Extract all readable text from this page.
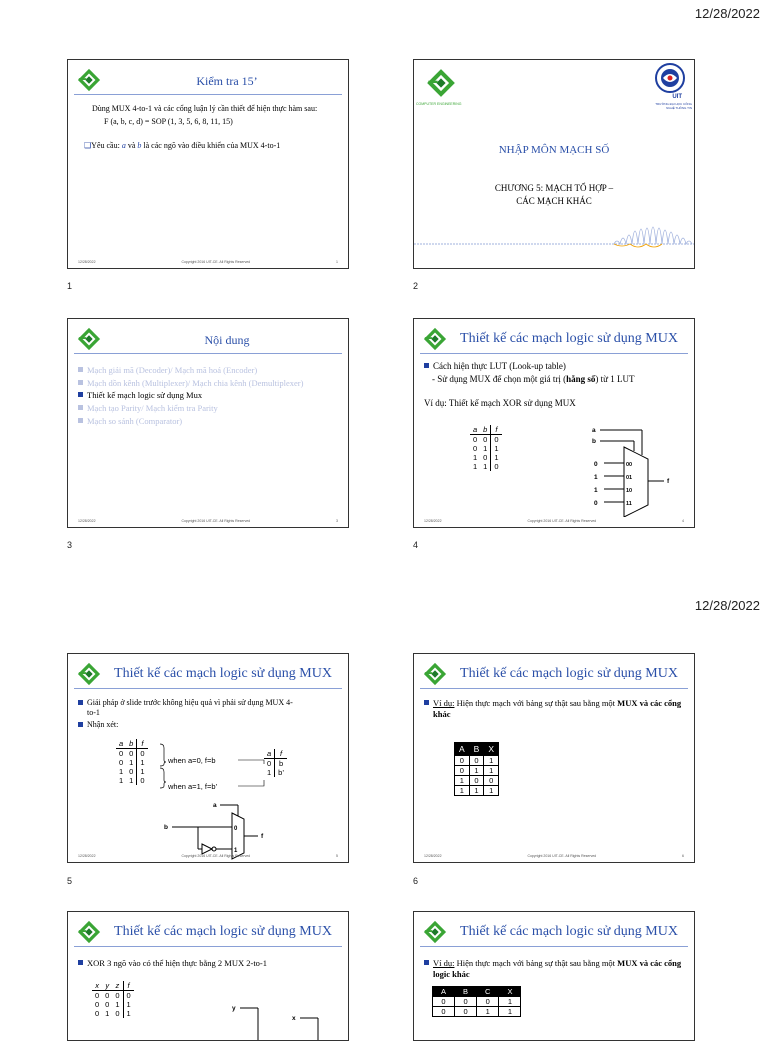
12/28/2022
12/28/2022
Kiểm tra 15’
Dùng MUX 4-to-1 và các cổng luận lý cần thiết để hiện thực hàm sau:
F (a, b, c, d) = SOP (1, 3, 5, 6, 8, 11, 15)
❑Yêu cầu: a và b là các ngõ vào điều khiển của MUX 4-to-1
12/28/2022	Copyright 2016 UIT-CE. All Rights Reserved	1
1
COMPUTER ENGINEERING
UIT
TRƯỜNG ĐẠI HỌC CÔNG NGHỆ THÔNG TIN
NHẬP MÔN MẠCH SỐ
CHƯƠNG 5: MẠCH TỔ HỢP –
CÁC MẠCH KHÁC
2
Nội dung
Mạch giải mã (Decoder)/ Mạch mã hoá (Encoder)
Mạch dồn kênh (Multiplexer)/ Mạch chia kênh (Demultiplexer)
Thiết kế mạch logic sử dụng Mux
Mạch tạo Parity/ Mạch kiểm tra Parity
Mạch so sánh (Comparator)
12/28/2022	Copyright 2016 UIT-CE. All Rights Reserved	3
3
Thiết kế các mạch logic sử dụng MUX
Cách hiện thực LUT (Look-up table)
- Sử dụng MUX để chọn một giá trị (hằng số) từ 1 LUT
Ví dụ: Thiết kế mạch XOR sử dụng MUX
a	b	f
0	0	0
0	1	1
1	0	1
1	1	0
a
b
0
1
1
0
00
01
10
11
f
12/28/2022	Copyright 2016 UIT-CE. All Rights Reserved	4
4
Thiết kế các mạch logic sử dụng MUX
Giải pháp ở slide trước không hiệu quả vì phải sử dụng MUX 4-to-1
Nhận xét:
a	b	f
0	0	0
0	1	1
1	0	1
1	1	0
when a=0, f=b
when a=1, f=b’
a	f
0	b
1	b’
a
b	0
1
f
12/28/2022	Copyright 2016 UIT-CE. All Rights Reserved	5
5
Thiết kế các mạch logic sử dụng MUX
Ví dụ: Hiện thực mạch với bảng sự thật sau bằng một MUX và các cổng khác
A	B	X
0	0	1
0	1	1
1	0	0
1	1	1
12/28/2022	Copyright 2016 UIT-CE. All Rights Reserved	6
6
Thiết kế các mạch logic sử dụng MUX
XOR 3 ngõ vào có thể hiện thực bằng 2 MUX 2-to-1
x	y	z	f
0	0	0	0
0	0	1	1
0	1	0	1
y
x
Thiết kế các mạch logic sử dụng MUX
Ví dụ: Hiện thực mạch với bảng sự thật sau bằng một MUX và các cổng logic khác
A	B	C	X
0	0	0	1
0	0	1	1
